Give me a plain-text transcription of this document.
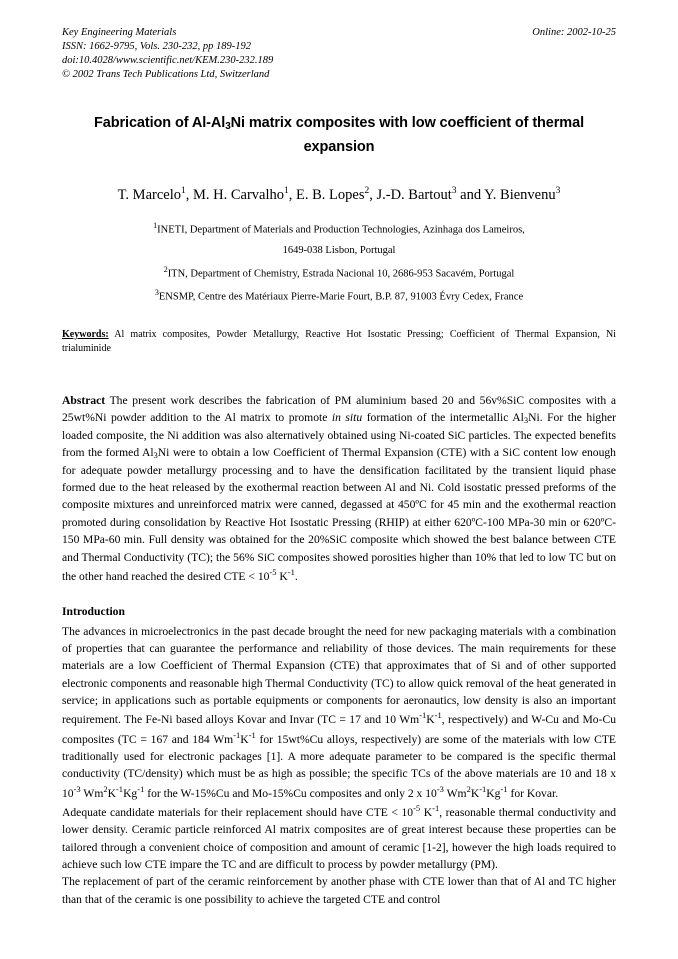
Key Engineering Materials
ISSN: 1662-9795, Vols. 230-232, pp 189-192
doi:10.4028/www.scientific.net/KEM.230-232.189
© 2002 Trans Tech Publications Ltd, Switzerland
Online: 2002-10-25
Fabrication of $Al-Al_3Ni$ matrix composites with low coefficient of thermal
expansion
T. Marcelo$^1$, M. H. Carvalho$^1$, E. B. Lopes$^2$, J.-D. Bartout$^3$ and Y. Bienvenu$^3$
$^1$INETI, Department of Materials and Production Technologies, Azinhaga dos Lameiros,
1649-038 Lisbon, Portugal
$^2$ITN, Department of Chemistry, Estrada Nacional 10, 2686-953 Sacavém, Portugal
$^3$ENSMP, Centre des Matériaux Pierre-Marie Fourt, B.P. 87, 91003 Évry Cedex, France
Keywords: Al matrix composites, Powder Metallurgy, Reactive Hot Isostatic Pressing; Coefficient of Thermal Expansion, Ni trialuminide
Abstract The present work describes the fabrication of PM aluminium based 20 and 56v%SiC composites with a 25wt%Ni powder addition to the Al matrix to promote in situ formation of the intermetallic $Al_3Ni$. For the higher loaded composite, the Ni addition was also alternatively obtained using Ni-coated SiC particles. The expected benefits from the formed $Al_3Ni$ were to obtain a low Coefficient of Thermal Expansion (CTE) with a SiC content low enough for adequate powder metallurgy processing and to have the densification facilitated by the transient liquid phase formed due to the heat released by the exothermal reaction between Al and Ni. Cold isostatic pressed preforms of the composite mixtures and unreinforced matrix were canned, degassed at 450ºC for 45 min and the exothermal reaction promoted during consolidation by Reactive Hot Isostatic Pressing (RHIP) at either 620ºC-100 MPa-30 min or 620ºC-150 MPa-60 min. Full density was obtained for the 20%SiC composite which showed the best balance between CTE and Thermal Conductivity (TC); the 56% SiC composites showed porosities higher than 10% that led to low TC but on the other hand reached the desired CTE < $10^{-5}$ $K^{-1}$.
Introduction

The advances in microelectronics in the past decade brought the need for new packaging materials with a combination of properties that can guarantee the performance and reliability of those devices. The main requirements for these materials are a low Coefficient of Thermal Expansion (CTE) that approximates that of Si and of other supported electronic components and reasonable high Thermal Conductivity (TC) to allow quick removal of the heat generated in service; in applications such as portable equipments or components for aeronautics, low density is also an important requirement. The Fe-Ni based alloys Kovar and Invar (TC = 17 and 10 $Wm^{-1}K^{-1}$, respectively) and W-Cu and Mo-Cu composites (TC = 167 and 184 $Wm^{-1}K^{-1}$ for 15wt%Cu alloys, respectively) are some of the materials with low CTE traditionally used for electronic packages [1]. A more adequate parameter to be compared is the specific thermal conductivity (TC/density) which must be as high as possible; the specific TCs of the above materials are 10 and 18 x $10^{-3}$ $Wm^2K^{-1}Kg^{-1}$ for the W-15%Cu and Mo-15%Cu composites and only 2 x $10^{-3}$ $Wm^2K^{-1}Kg^{-1}$ for Kovar.

Adequate candidate materials for their replacement should have CTE < $10^{-5}$ $K^{-1}$, reasonable thermal conductivity and lower density. Ceramic particle reinforced Al matrix composites are of great interest because these properties can be tailored through a convenient choice of composition and amount of ceramic [1-2], however the high loads required to achieve such low CTE impare the TC and are difficult to process by powder metallurgy (PM).

The replacement of part of the ceramic reinforcement by another phase with CTE lower than that of Al and TC higher than that of the ceramic is one possibility to achieve the targeted CTE and control
